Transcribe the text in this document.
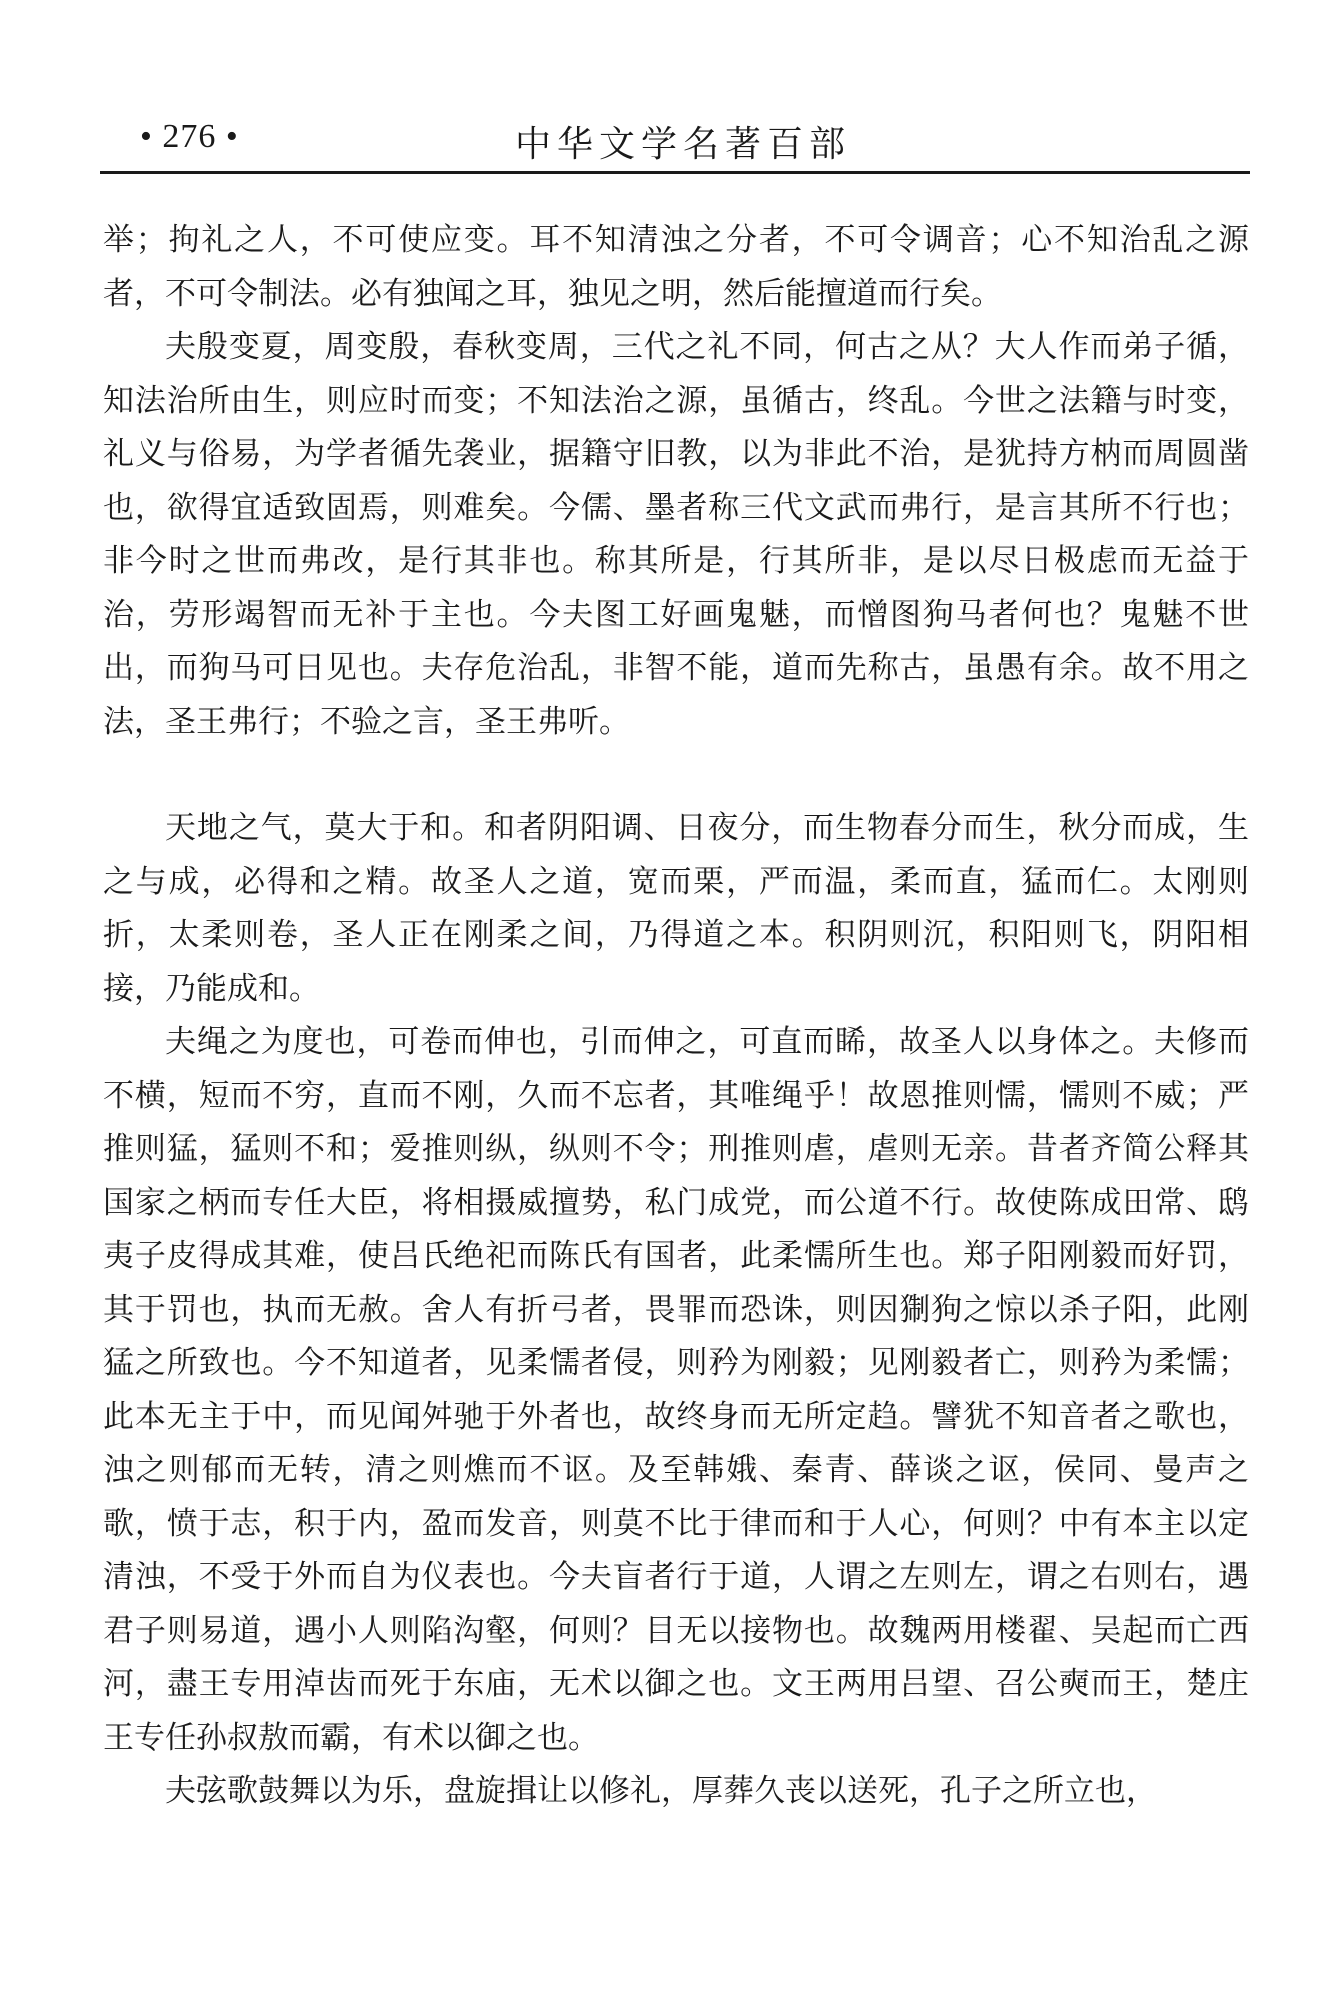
• 276 •	中华文学名著百部

举；拘礼之人，不可使应变。耳不知清浊之分者，不可令调音；心不知治乱之源者，不可令制法。必有独闻之耳，独见之明，然后能擅道而行矣。

夫殷变夏，周变殷，春秋变周，三代之礼不同，何古之从？大人作而弟子循，知法治所由生，则应时而变；不知法治之源，虽循古，终乱。今世之法籍与时变，礼义与俗易，为学者循先袭业，据籍守旧教，以为非此不治，是犹持方枘而周圆凿也，欲得宜适致固焉，则难矣。今儒、墨者称三代文武而弗行，是言其所不行也；非今时之世而弗改，是行其非也。称其所是，行其所非，是以尽日极虑而无益于治，劳形竭智而无补于主也。今夫图工好画鬼魅，而憎图狗马者何也？鬼魅不世出，而狗马可日见也。夫存危治乱，非智不能，道而先称古，虽愚有余。故不用之法，圣王弗行；不验之言，圣王弗听。

天地之气，莫大于和。和者阴阳调、日夜分，而生物春分而生，秋分而成，生之与成，必得和之精。故圣人之道，宽而栗，严而温，柔而直，猛而仁。太刚则折，太柔则卷，圣人正在刚柔之间，乃得道之本。积阴则沉，积阳则飞，阴阳相接，乃能成和。

夫绳之为度也，可卷而伸也，引而伸之，可直而睎，故圣人以身体之。夫修而不横，短而不穷，直而不刚，久而不忘者，其唯绳乎！故恩推则懦，懦则不威；严推则猛，猛则不和；爱推则纵，纵则不令；刑推则虐，虐则无亲。昔者齐简公释其国家之柄而专任大臣，将相摄威擅势，私门成党，而公道不行。故使陈成田常、鸱夷子皮得成其难，使吕氏绝祀而陈氏有国者，此柔懦所生也。郑子阳刚毅而好罚，其于罚也，执而无赦。舍人有折弓者，畏罪而恐诛，则因猘狗之惊以杀子阳，此刚猛之所致也。今不知道者，见柔懦者侵，则矜为刚毅；见刚毅者亡，则矜为柔懦；此本无主于中，而见闻舛驰于外者也，故终身而无所定趋。譬犹不知音者之歌也，浊之则郁而无转，清之则燋而不讴。及至韩娥、秦青、薛谈之讴，侯同、曼声之歌，愤于志，积于内，盈而发音，则莫不比于律而和于人心，何则？中有本主以定清浊，不受于外而自为仪表也。今夫盲者行于道，人谓之左则左，谓之右则右，遇君子则易道，遇小人则陷沟壑，何则？目无以接物也。故魏两用楼翟、吴起而亡西河，盡王专用淖齿而死于东庙，无术以御之也。文王两用吕望、召公奭而王，楚庄王专任孙叔敖而霸，有术以御之也。

夫弦歌鼓舞以为乐，盘旋揖让以修礼，厚葬久丧以送死，孔子之所立也，
